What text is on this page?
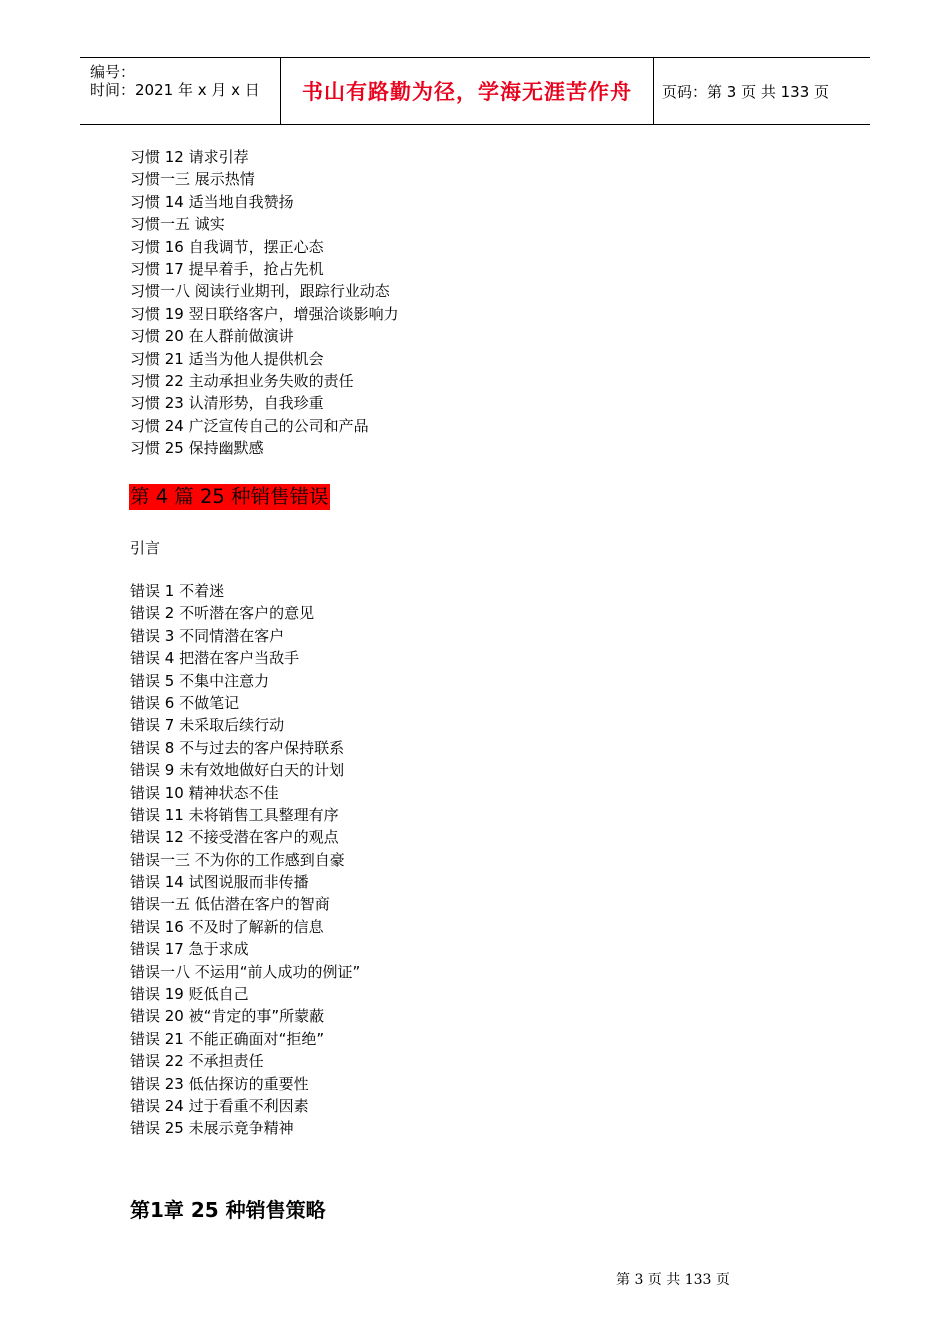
编号：
时间：2021 年 x 月 x 日 书山有路勤为径，学海无涯苦作舟 页码：第 3 页 共 133 页
习惯 12 请求引荐
习惯一三 展示热情
习惯 14 适当地自我赞扬
习惯一五 诚实
习惯 16 自我调节，摆正心态
习惯 17 提早着手，抢占先机
习惯一八 阅读行业期刊，跟踪行业动态
习惯 19 翌日联络客户，增强洽谈影响力
习惯 20 在人群前做演讲
习惯 21 适当为他人提供机会
习惯 22 主动承担业务失败的责任
习惯 23 认清形势，自我珍重
习惯 24 广泛宣传自己的公司和产品
习惯 25 保持幽默感
第 4 篇 25 种销售错误
引言
错误 1 不着迷
错误 2 不听潜在客户的意见
错误 3 不同情潜在客户
错误 4 把潜在客户当敌手
错误 5 不集中注意力
错误 6 不做笔记
错误 7 未采取后续行动
错误 8 不与过去的客户保持联系
错误 9 未有效地做好白天的计划
错误 10 精神状态不佳
错误 11 未将销售工具整理有序
错误 12 不接受潜在客户的观点
错误一三 不为你的工作感到自豪
错误 14 试图说服而非传播
错误一五 低估潜在客户的智商
错误 16 不及时了解新的信息
错误 17 急于求成
错误一八 不运用“前人成功的例证”
错误 19 贬低自己
错误 20 被“肯定的事”所蒙蔽
错误 21 不能正确面对“拒绝”
错误 22 不承担责任
错误 23 低估探访的重要性
错误 24 过于看重不利因素
错误 25 未展示竟争精神
第1章 25 种销售策略
第 3 页 共 133 页
